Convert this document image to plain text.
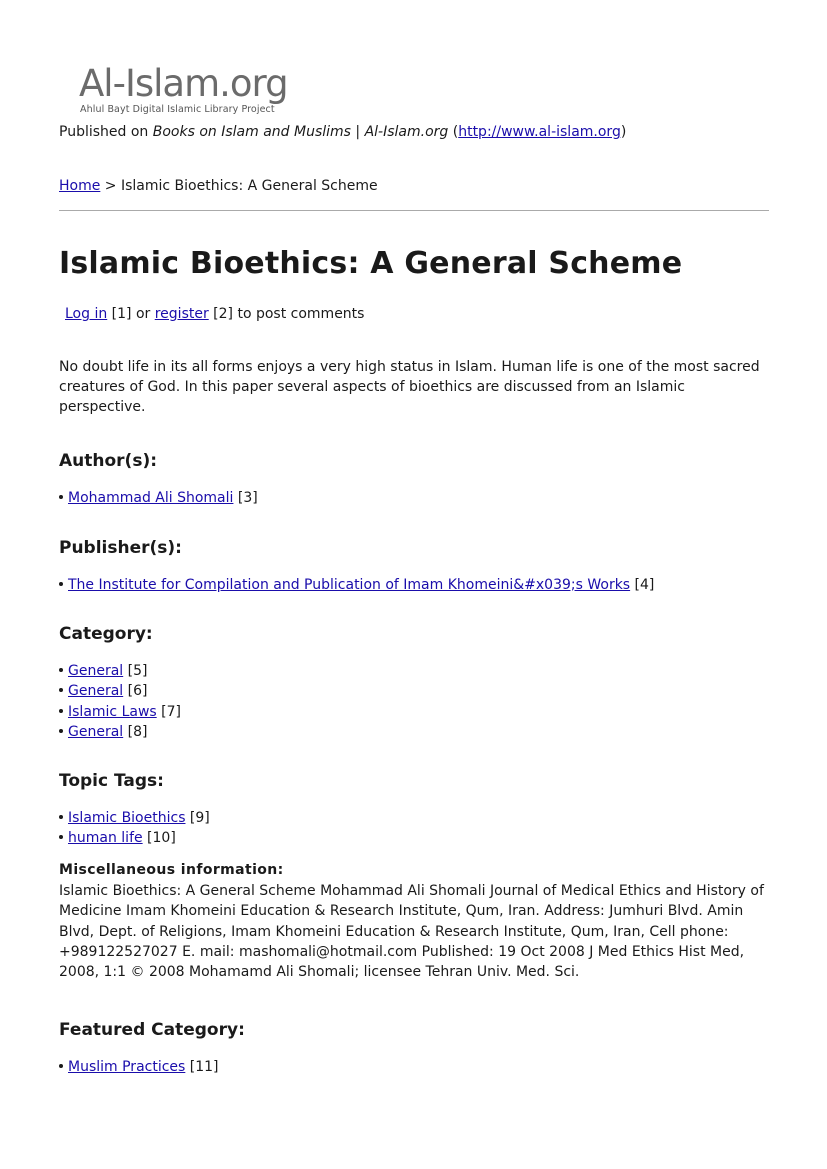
Al-Islam.org
Ahlul Bayt Digital Islamic Library Project
Published on Books on Islam and Muslims | Al-Islam.org (http://www.al-islam.org)
Home > Islamic Bioethics: A General Scheme
Islamic Bioethics: A General Scheme
Log in [1] or register [2] to post comments

No doubt life in its all forms enjoys a very high status in Islam. Human life is one of the most sacred creatures of God. In this paper several aspects of bioethics are discussed from an Islamic perspective.

Author(s):
Mohammad Ali Shomali [3]
Publisher(s):
The Institute for Compilation and Publication of Imam Khomeini&#x039;s Works [4]
Category:
General [5]
General [6]
Islamic Laws [7]
General [8]
Topic Tags:
Islamic Bioethics [9]
human life [10]
Miscellaneous information:

Islamic Bioethics: A General Scheme Mohammad Ali Shomali Journal of Medical Ethics and History of Medicine Imam Khomeini Education & Research Institute, Qum, Iran. Address: Jumhuri Blvd. Amin Blvd, Dept. of Religions, Imam Khomeini Education & Research Institute, Qum, Iran, Cell phone: +989122527027 E. mail: mashomali@hotmail.com Published: 19 Oct 2008 J Med Ethics Hist Med, 2008, 1:1 © 2008 Mohamamd Ali Shomali; licensee Tehran Univ. Med. Sci.

Featured Category:
Muslim Practices [11]
